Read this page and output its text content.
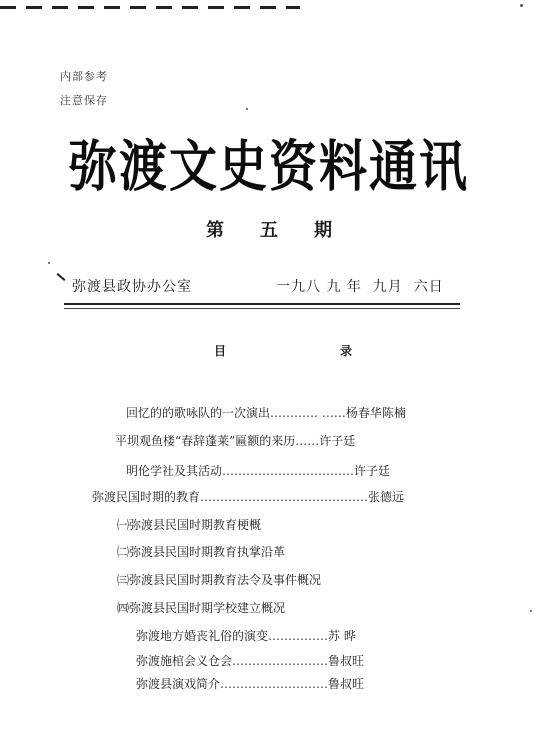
内部参考
注意保存
弥渡文史资料通讯
第五期
弥渡县政协办公室	一九八 九 年  九月  六日
目	录
回忆的的歌咏队的一次演出………… ……杨春华陈楠
平坝观鱼楼“春辞蓬莱”匾额的来历……许子廷
明伦学社及其活动……………………………许子廷
弥渡民国时期的教育……………………………………张德远
㈠弥渡县民国时期教育梗概
㈡弥渡县民国时期教育执掌沿革
㈢弥渡县民国时期教育法令及事件概况
㈣弥渡县民国时期学校建立概况
弥渡地方婚丧礼俗的演变……………苏 晔
弥渡施棺会义仓会……………………鲁叔旺
弥渡县演戏简介………………………鲁叔旺
